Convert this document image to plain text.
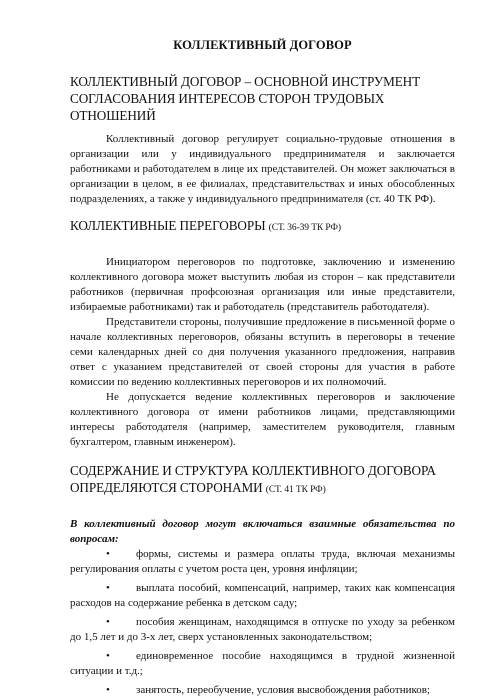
КОЛЛЕКТИВНЫЙ ДОГОВОР
КОЛЛЕКТИВНЫЙ ДОГОВОР – ОСНОВНОЙ ИНСТРУМЕНТ СОГЛАСОВАНИЯ ИНТЕРЕСОВ СТОРОН ТРУДОВЫХ ОТНОШЕНИЙ

Коллективный договор регулирует социально-трудовые отношения в организации или у индивидуального предпринимателя и заключается работниками и работодателем в лице их представителей. Он может заключаться в организации в целом, в ее филиалах, представительствах и иных обособленных подразделениях, а также у индивидуального предпринимателя (ст. 40 ТК РФ).

КОЛЛЕКТИВНЫЕ ПЕРЕГОВОРЫ (СТ. 36-39 ТК РФ)

Инициатором переговоров по подготовке, заключению и изменению коллективного договора может выступить любая из сторон – как представители работников (первичная профсоюзная организация или иные представители, избираемые работниками) так и работодатель (представитель работодателя).

Представители стороны, получившие предложение в письменной форме о начале коллективных переговоров, обязаны вступить в переговоры в течение семи календарных дней со дня получения указанного предложения, направив ответ с указанием представителей от своей стороны для участия в работе комиссии по ведению коллективных переговоров и их полномочий.

Не допускается ведение коллективных переговоров и заключение коллективного договора от имени работников лицами, представляющими интересы работодателя (например, заместителем руководителя, главным бухгалтером, главным инженером).

СОДЕРЖАНИЕ И СТРУКТУРА КОЛЛЕКТИВНОГО ДОГОВОРА ОПРЕДЕЛЯЮТСЯ СТОРОНАМИ (СТ. 41 ТК РФ)

В коллективный договор могут включаться взаимные обязательства по вопросам:

• формы, системы и размера оплаты труда, включая механизмы регулирования оплаты с учетом роста цен, уровня инфляции;
• выплата пособий, компенсаций, например, таких как компенсация расходов на содержание ребенка в детском саду;
• пособия женщинам, находящимся в отпуске по уходу за ребенком до 1,5 лет и до 3-х лет, сверх установленных законодательством;
• единовременное пособие находящимся в трудной жизненной ситуации и т.д.;
• занятость, переобучение, условия высвобождения работников;
